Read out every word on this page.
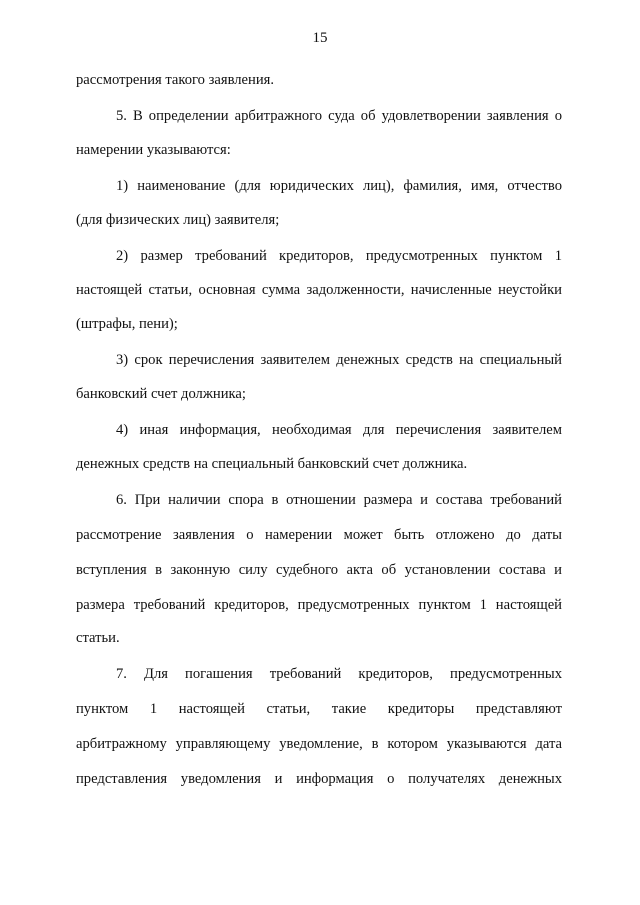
15
рассмотрения такого заявления.
5. В определении арбитражного суда об удовлетворении заявления о
намерении указываются:
1) наименование (для юридических лиц), фамилия, имя, отчество
(для физических лиц) заявителя;
2) размер требований кредиторов, предусмотренных пунктом 1
настоящей статьи, основная сумма задолженности, начисленные неустойки
(штрафы, пени);
3) срок перечисления заявителем денежных средств на специальный
банковский счет должника;
4) иная информация, необходимая для перечисления заявителем
денежных средств на специальный банковский счет должника.
6. При наличии спора в отношении размера и состава требований
рассмотрение заявления о намерении может быть отложено до даты
вступления в законную силу судебного акта об установлении состава и
размера требований кредиторов, предусмотренных пунктом 1 настоящей
статьи.
7. Для погашения требований кредиторов, предусмотренных
пунктом 1 настоящей статьи, такие кредиторы представляют
арбитражному управляющему уведомление, в котором указываются дата
представления уведомления и информация о получателях денежных
